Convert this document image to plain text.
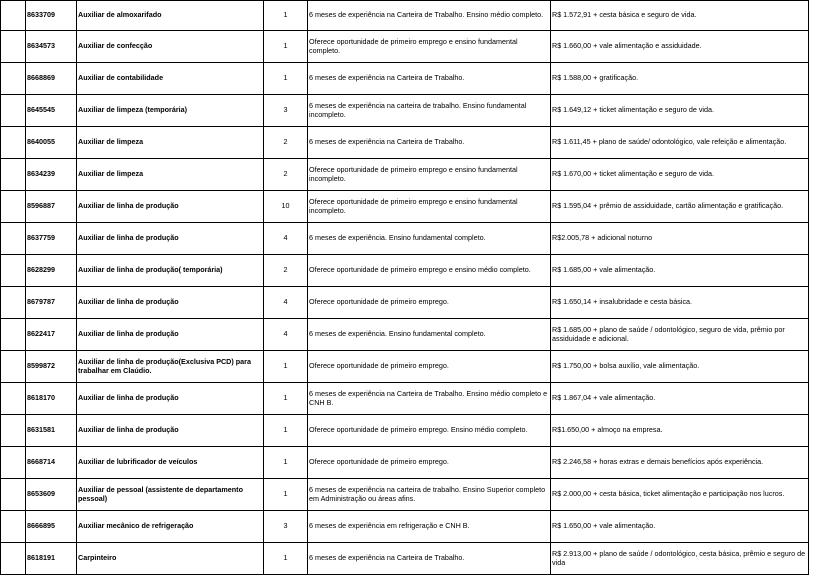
	8633709	Auxiliar de almoxarifado	1	6 meses de experiência na Carteira de Trabalho. Ensino médio completo.	R$ 1.572,91 + cesta básica e seguro de vida.
	8634573	Auxiliar de confecção	1	Oferece oportunidade de primeiro emprego e ensino fundamental completo.	R$ 1.660,00 + vale alimentação e assiduidade.
	8668869	Auxiliar de contabilidade	1	6 meses de experiência na Carteira de Trabalho.	R$ 1.588,00 + gratificação.
	8645545	Auxiliar de limpeza (temporária)	3	6 meses de experiência na carteira de trabalho. Ensino fundamental incompleto.	R$ 1.649,12 + ticket alimentação e seguro de vida.
	8640055	Auxiliar de limpeza	2	6 meses de experiência na Carteira de Trabalho.	R$ 1.611,45 + plano de saúde/ odontológico, vale refeição e alimentação.
	8634239	Auxiliar de limpeza	2	Oferece oportunidade de primeiro emprego e ensino fundamental incompleto.	R$ 1.670,00 + ticket alimentação e seguro de vida.
	8596887	Auxiliar de linha de produção	10	Oferece oportunidade de primeiro emprego e ensino fundamental incompleto.	R$ 1.595,04 + prêmio de assiduidade, cartão alimentação e gratificação.
	8637759	Auxiliar de linha de produção	4	6 meses de experiência. Ensino fundamental completo.	R$2.005,78 + adicional noturno
	8628299	Auxiliar de linha de produção( temporária)	2	Oferece oportunidade de primeiro emprego e ensino médio completo.	R$ 1.685,00 + vale alimentação.
	8679787	Auxiliar de linha de produção	4	Oferece oportunidade de primeiro emprego.	R$ 1.650,14 + insalubridade e cesta básica.
	8622417	Auxiliar de linha de produção	4	6 meses de experiência. Ensino fundamental completo.	R$ 1.685,00 + plano de saúde / odontológico, seguro de vida, prêmio por assiduidade e adicional.
	8599872	Auxiliar de linha de produção(Exclusiva PCD) para trabalhar em Claúdio.	1	Oferece oportunidade de primeiro emprego.	R$ 1.750,00 + bolsa auxílio, vale alimentação.
	8618170	Auxiliar de linha de produção	1	6 meses de experiência na Carteira de Trabalho. Ensino médio completo e CNH B.	R$ 1.867,04 + vale alimentação.
	8631581	Auxiliar de linha de produção	1	Oferece oportunidade de primeiro emprego. Ensino médio completo.	R$1.650,00 + almoço na empresa.
	8668714	Auxiliar de lubrificador de veículos	1	Oferece oportunidade de primeiro emprego.	R$ 2.246,58 + horas extras e demais benefícios após experiência.
	8653609	Auxiliar de pessoal (assistente de departamento pessoal)	1	6 meses de experiência na carteira de trabalho. Ensino Superior completo em Administração ou áreas afins.	R$ 2.000,00 + cesta básica, ticket alimentação e participação nos lucros.
	8666895	Auxiliar mecânico de refrigeração	3	6 meses de experiência em refrigeração e CNH B.	R$ 1.650,00 + vale alimentação.
	8618191	Carpinteiro	1	6 meses de experiência na Carteira de Trabalho.	R$ 2.913,00 + plano de saúde / odontológico, cesta básica, prêmio e seguro de vida
